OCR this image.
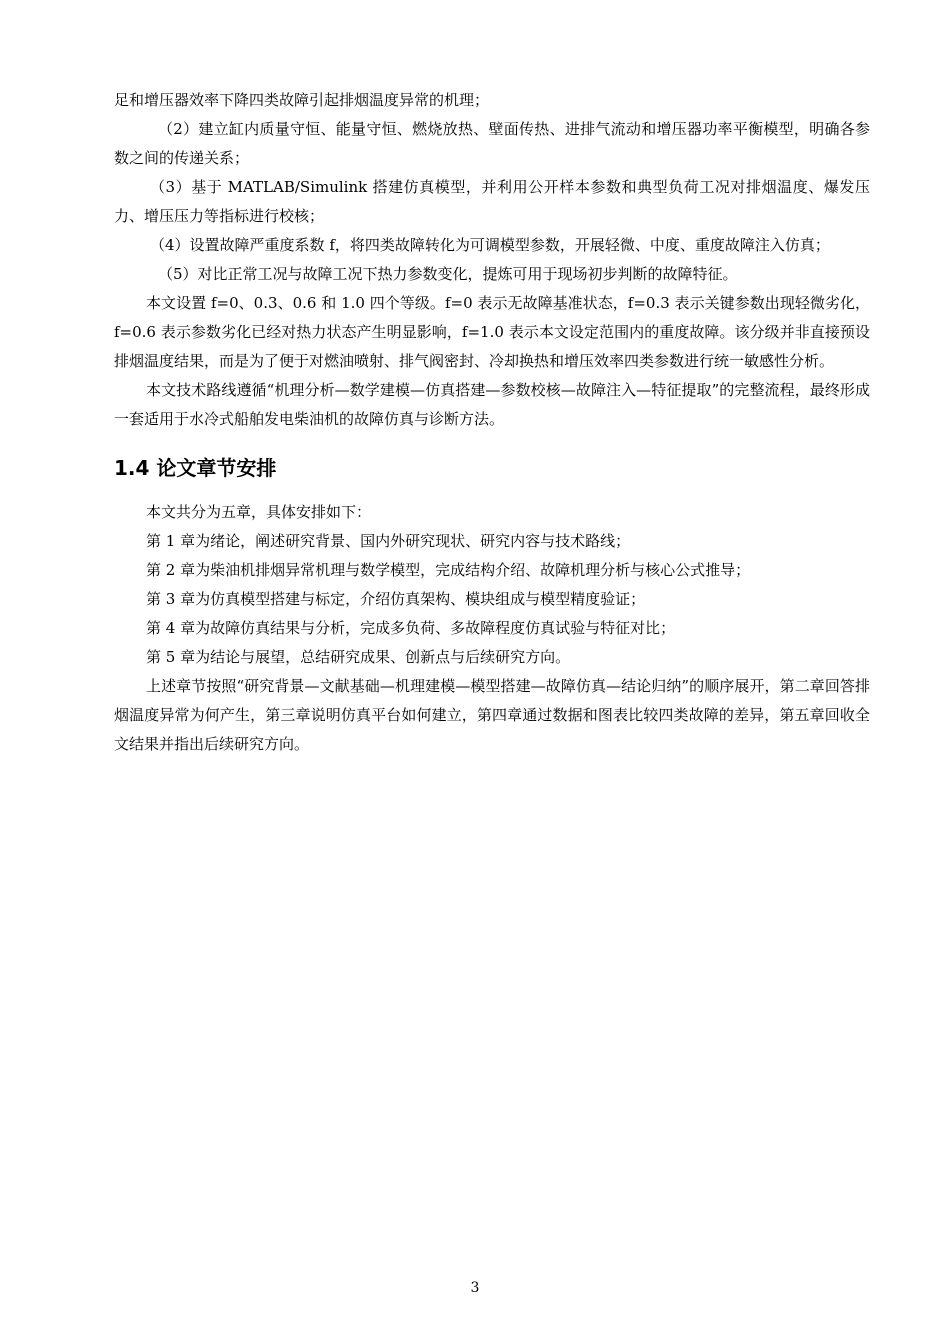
足和增压器效率下降四类故障引起排烟温度异常的机理；

（2）建立缸内质量守恒、能量守恒、燃烧放热、壁面传热、进排气流动和增压器功率平衡模型，明确各参数之间的传递关系；

（3）基于 MATLAB/Simulink 搭建仿真模型，并利用公开样本参数和典型负荷工况对排烟温度、爆发压力、增压压力等指标进行校核；

（4）设置故障严重度系数 f，将四类故障转化为可调模型参数，开展轻微、中度、重度故障注入仿真；

（5）对比正常工况与故障工况下热力参数变化，提炼可用于现场初步判断的故障特征。

本文设置 f=0、0.3、0.6 和 1.0 四个等级。f=0 表示无故障基准状态，f=0.3 表示关键参数出现轻微劣化，f=0.6 表示参数劣化已经对热力状态产生明显影响，f=1.0 表示本文设定范围内的重度故障。该分级并非直接预设排烟温度结果，而是为了便于对燃油喷射、排气阀密封、冷却换热和增压效率四类参数进行统一敏感性分析。

本文技术路线遵循“机理分析—数学建模—仿真搭建—参数校核—故障注入—特征提取”的完整流程，最终形成一套适用于水冷式船舶发电柴油机的故障仿真与诊断方法。

1.4 论文章节安排

本文共分为五章，具体安排如下：

第 1 章为绪论，阐述研究背景、国内外研究现状、研究内容与技术路线；

第 2 章为柴油机排烟异常机理与数学模型，完成结构介绍、故障机理分析与核心公式推导；

第 3 章为仿真模型搭建与标定，介绍仿真架构、模块组成与模型精度验证；

第 4 章为故障仿真结果与分析，完成多负荷、多故障程度仿真试验与特征对比；

第 5 章为结论与展望，总结研究成果、创新点与后续研究方向。

上述章节按照“研究背景—文献基础—机理建模—模型搭建—故障仿真—结论归纳”的顺序展开，第二章回答排烟温度异常为何产生，第三章说明仿真平台如何建立，第四章通过数据和图表比较四类故障的差异，第五章回收全文结果并指出后续研究方向。

3
